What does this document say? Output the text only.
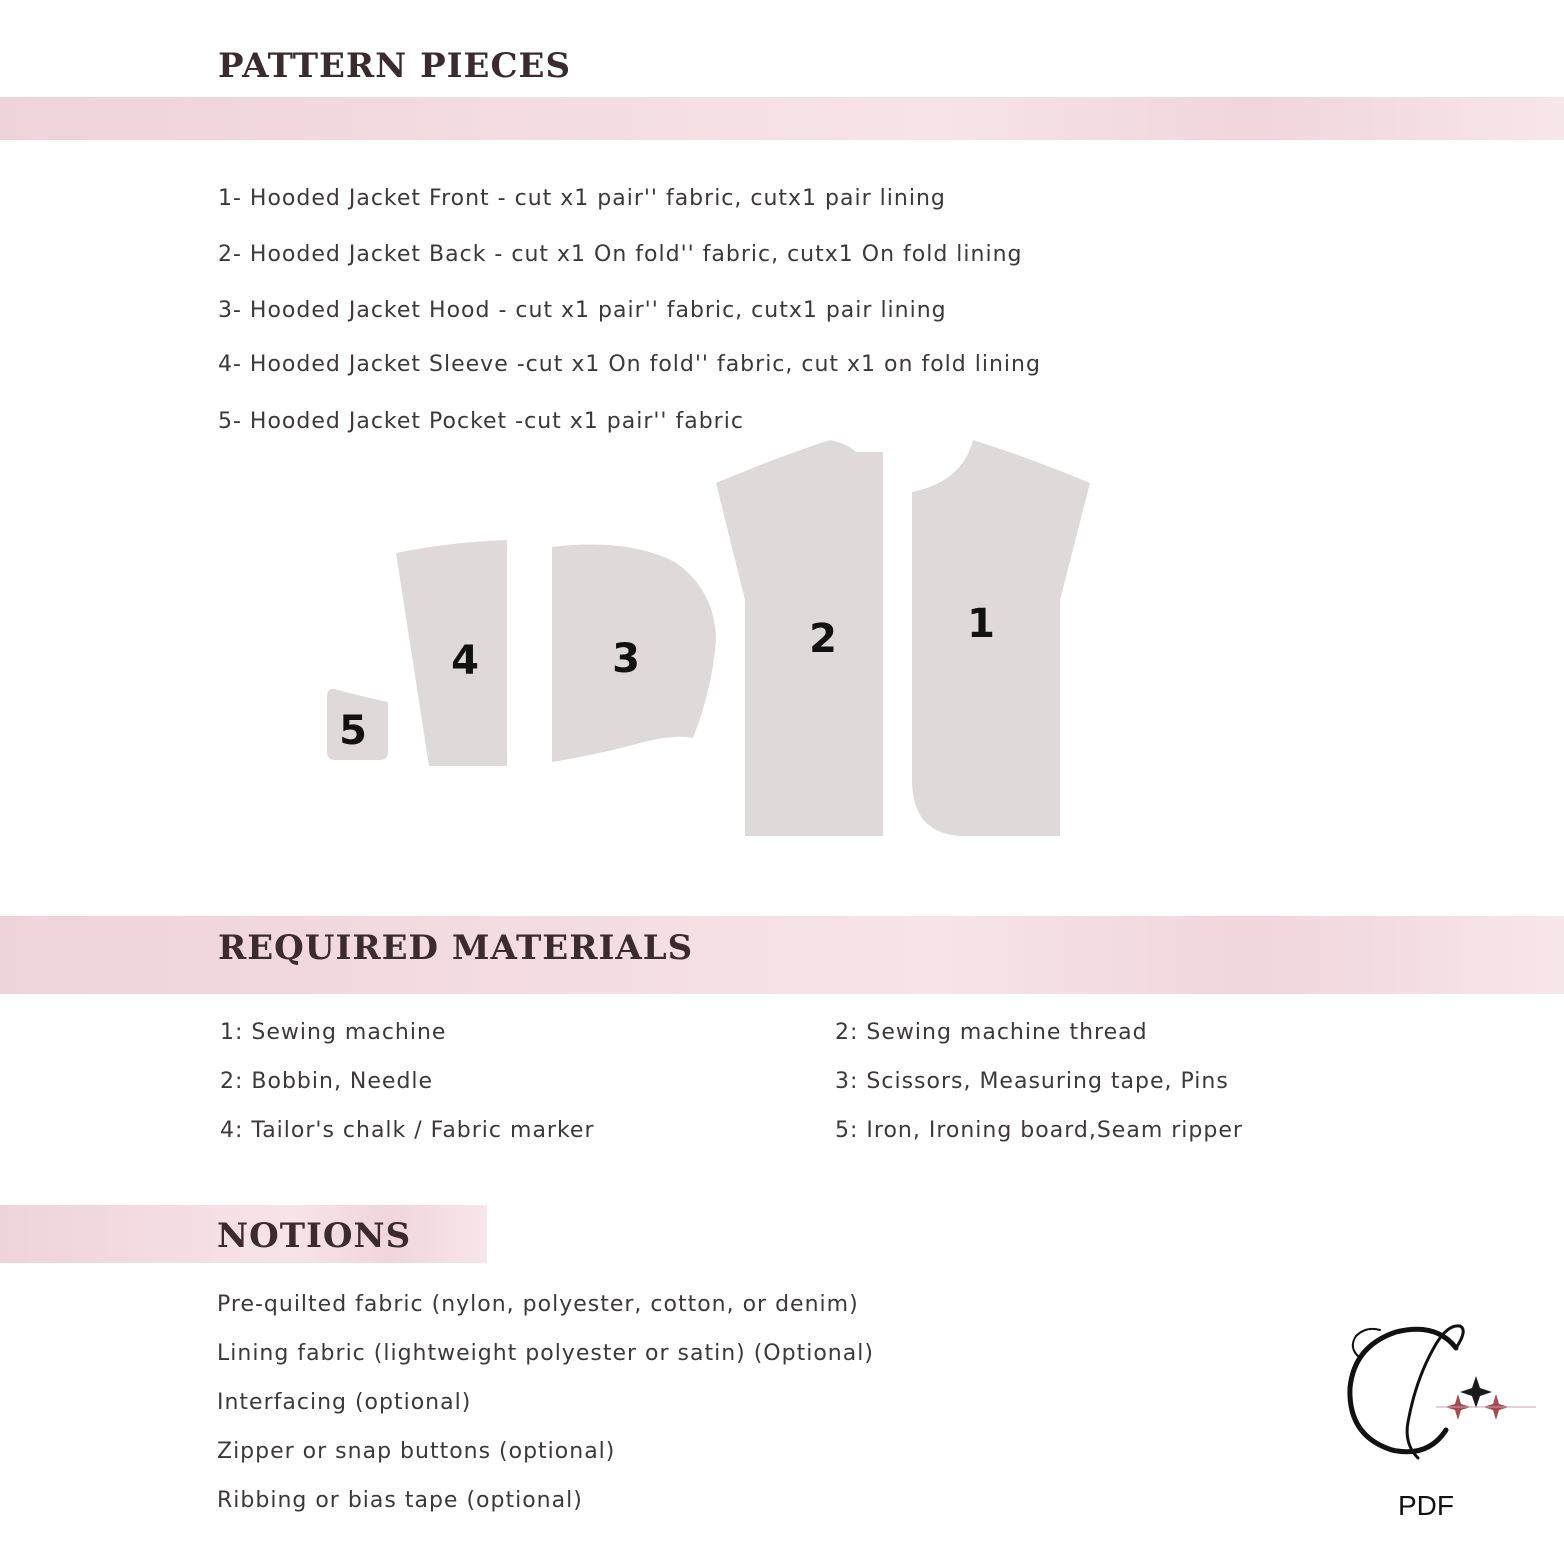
PATTERN PIECES
1- Hooded Jacket Front - cut x1 pair'' fabric, cutx1 pair lining
2- Hooded Jacket Back - cut x1 On fold'' fabric, cutx1 On fold lining
3- Hooded Jacket Hood - cut x1 pair'' fabric, cutx1 pair lining
4- Hooded Jacket Sleeve -cut x1 On fold'' fabric, cut x1 on fold lining
5- Hooded Jacket Pocket -cut x1 pair'' fabric
5
4	3	2	1
REQUIRED MATERIALS
1: Sewing machine
2: Bobbin, Needle
4: Tailor's chalk / Fabric marker
2: Sewing machine thread
3: Scissors, Measuring tape, Pins
5: Iron, Ironing board,Seam ripper
NOTIONS
Pre-quilted fabric (nylon, polyester, cotton, or denim)
Lining fabric (lightweight polyester or satin) (Optional)
Interfacing (optional)
Zipper or snap buttons (optional)
Ribbing or bias tape (optional)	PDF
